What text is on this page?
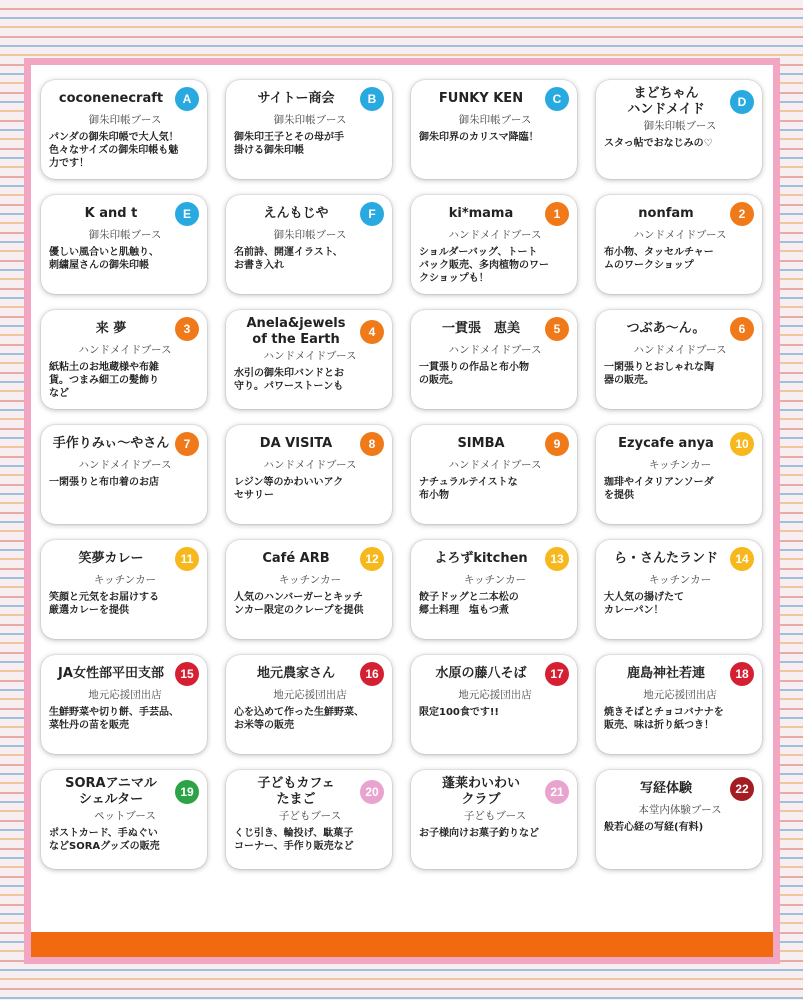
coconenecraft	A
御朱印帳ブース
パンダの御朱印帳で大人気！
色々なサイズの御朱印帳も魅
力です！
サイトー商会	B
御朱印帳ブース
御朱印王子とその母が手
掛ける御朱印帳
FUNKY KEN	C
御朱印帳ブース
御朱印界のカリスマ降臨！
まどちゃん
ハンドメイド	D
御朱印帳ブース
スタっ帖でおなじみの♡
K and t	E
御朱印帳ブース
優しい風合いと肌触り、
刺繍屋さんの御朱印帳
えんもじや	F
御朱印帳ブース
名前詩、開運イラスト、
お書き入れ
ki*mama	1
ハンドメイドブース
ショルダーバッグ、トート
バック販売、多肉植物のワー
クショップも！
nonfam	2
ハンドメイドブース
布小物、タッセルチャー
ムのワークショップ
来 夢	3
ハンドメイドブース
紙粘土のお地蔵様や布雑
貨。つまみ細工の髪飾り
など
Anela&jewels
of the Earth	4
ハンドメイドブース
水引の御朱印バンドとお
守り。パワーストーンも
一貫張　恵美	5
ハンドメイドブース
一貫張りの作品と布小物
の販売。
つぶあ～ん。	6
ハンドメイドブース
一閑張りとおしゃれな陶
器の販売。
手作りみぃ～やさん	7
ハンドメイドブース
一閑張りと布巾着のお店
DA VISITA	8
ハンドメイドブース
レジン等のかわいいアク
セサリー
SIMBA	9
ハンドメイドブース
ナチュラルテイストな
布小物
Ezycafe anya	10
キッチンカー
珈琲やイタリアンソーダ
を提供
笑夢カレー	11
キッチンカー
笑顔と元気をお届けする
厳選カレーを提供
Café ARB	12
キッチンカー
人気のハンバーガーとキッチ
ンカー限定のクレープを提供
よろずkitchen	13
キッチンカー
餃子ドッグと二本松の
郷土料理　塩もつ煮
ら・さんたランド	14
キッチンカー
大人気の揚げたて
カレーパン！
JA女性部平田支部	15
地元応援団出店
生鮮野菜や切り餅、手芸品、
菜牡丹の苗を販売
地元農家さん	16
地元応援団出店
心を込めて作った生鮮野菜、
お米等の販売
水原の藤八そば	17
地元応援団出店
限定100食です!!
鹿島神社若連	18
地元応援団出店
焼きそばとチョコバナナを
販売、味は折り紙つき！
SORAアニマル
シェルター	19
ペットブース
ポストカード、手ぬぐい
などSORAグッズの販売
子どもカフェ
たまご	20
子どもブース
くじ引き、輪投げ、駄菓子
コーナー、手作り販売など
蓬莱わいわい
クラブ	21
子どもブース
お子様向けお菓子釣りなど
写経体験	22
本堂内体験ブース
般若心経の写経(有料)
